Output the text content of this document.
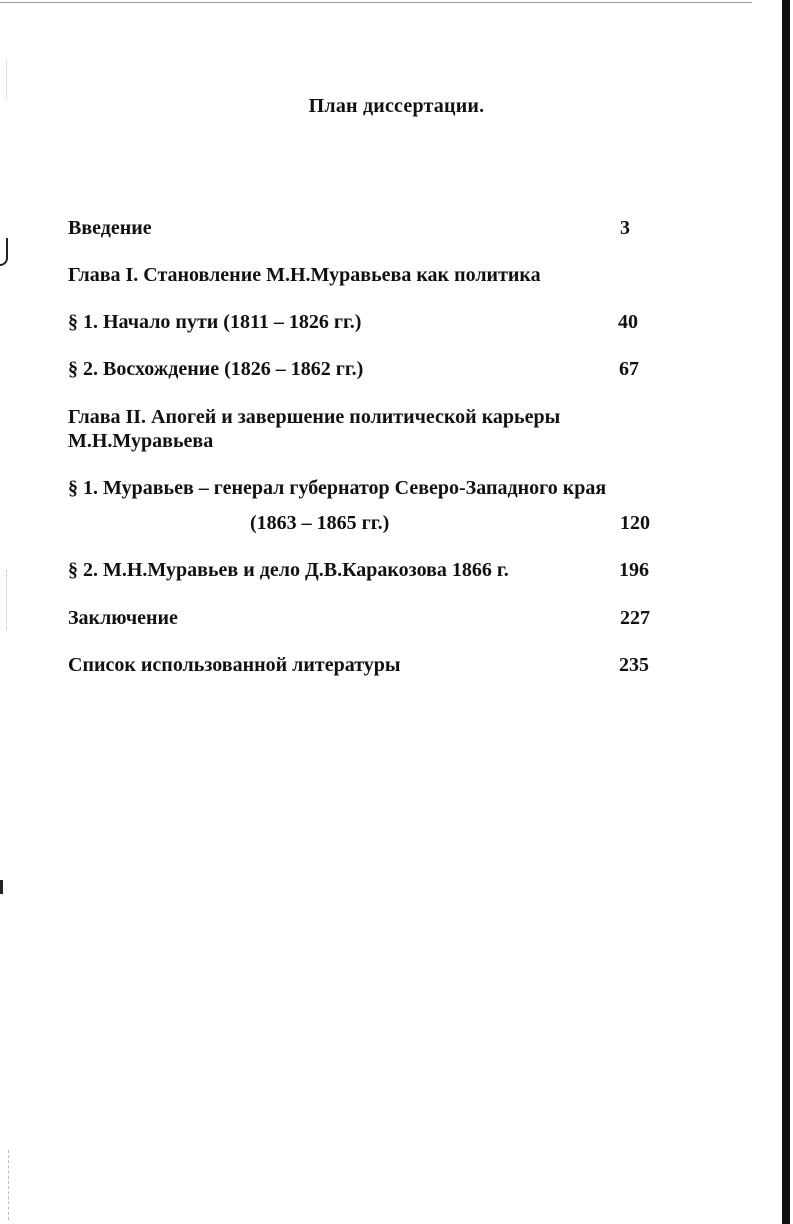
План диссертации.
Введение	3
Глава I. Становление М.Н.Муравьева как политика
§ 1. Начало пути (1811 – 1826 гг.)	40
§ 2. Восхождение (1826 – 1862 гг.)	67
Глава II. Апогей и завершение политической карьеры
М.Н.Муравьева
§ 1. Муравьев – генерал губернатор Северо-Западного края
(1863 – 1865 гг.)	120
§ 2. М.Н.Муравьев и дело Д.В.Каракозова 1866 г.	196
Заключение	227
Список использованной литературы	235
